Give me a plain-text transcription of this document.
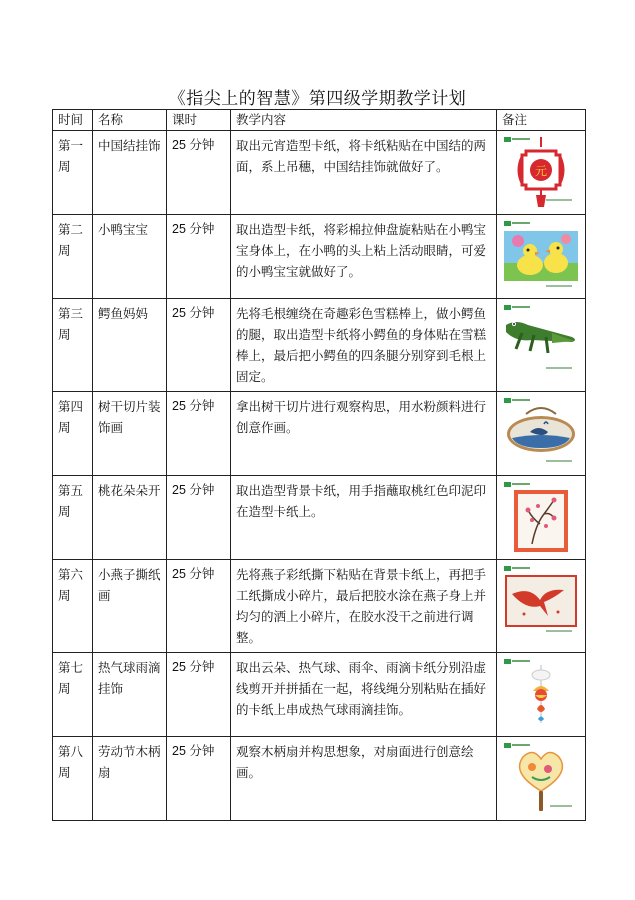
《指尖上的智慧》第四级学期教学计划
时间	名称	课时	教学内容	备注
第一周	中国结挂饰	25 分钟	取出元宵造型卡纸，将卡纸粘贴在中国结的两面，系上吊穗，中国结挂饰就做好了。	元

第二周	小鸭宝宝	25 分钟	取出造型卡纸，将彩棉拉伸盘旋粘贴在小鸭宝宝身体上，在小鸭的头上粘上活动眼睛，可爱的小鸭宝宝就做好了。	

第三周	鳄鱼妈妈	25 分钟	先将毛根缠绕在奇趣彩色雪糕棒上，做小鳄鱼的腿，取出造型卡纸将小鳄鱼的身体贴在雪糕棒上，最后把小鳄鱼的四条腿分别穿到毛根上固定。	

第四周	树干切片装饰画	25 分钟	拿出树干切片进行观察构思，用水粉颜料进行创意作画。	

第五周	桃花朵朵开	25 分钟	取出造型背景卡纸，用手指蘸取桃红色印泥印在造型卡纸上。	

第六周	小燕子撕纸画	25 分钟	先将燕子彩纸撕下粘贴在背景卡纸上，再把手工纸撕成小碎片，最后把胶水涂在燕子身上并均匀的洒上小碎片，在胶水没干之前进行调整。	

第七周	热气球雨滴挂饰	25 分钟	取出云朵、热气球、雨伞、雨滴卡纸分别沿虚线剪开并拼插在一起，将线绳分别粘贴在插好的卡纸上串成热气球雨滴挂饰。	

第八周	劳动节木柄扇	25 分钟	观察木柄扇并构思想象，对扇面进行创意绘画。	
